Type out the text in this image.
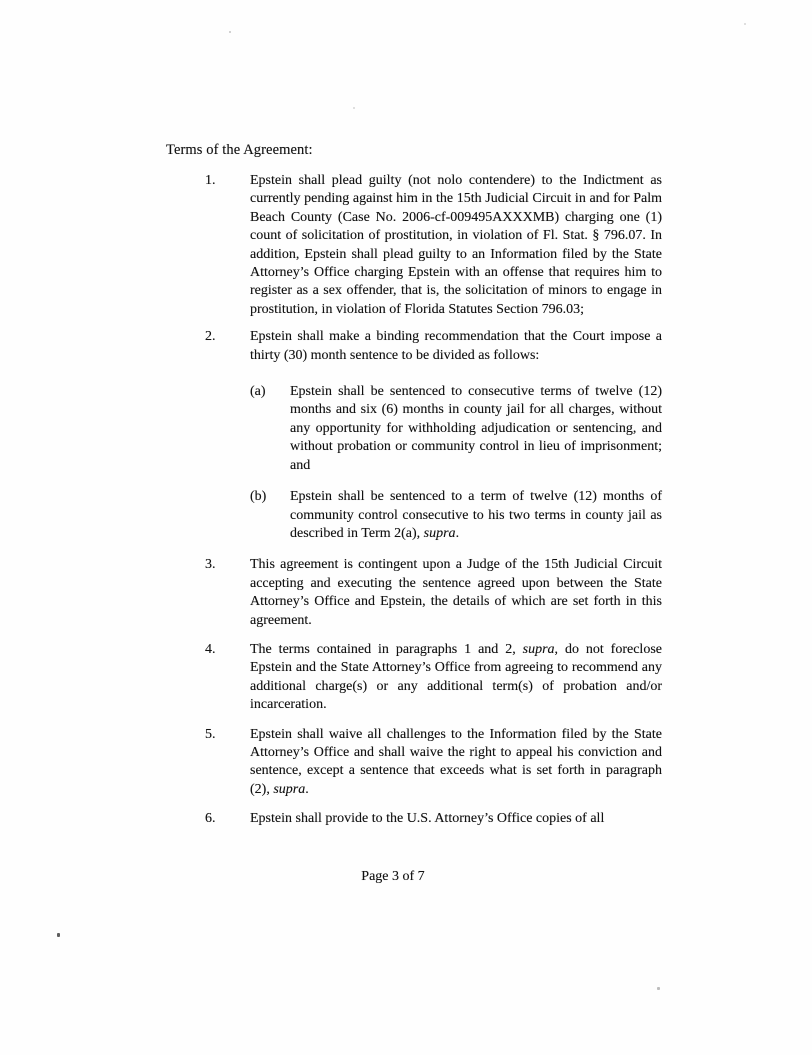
Terms of the Agreement:
1.	Epstein shall plead guilty (not nolo contendere) to the Indictment as currently pending against him in the 15th Judicial Circuit in and for Palm Beach County (Case No. 2006-cf-009495AXXXMB) charging one (1) count of solicitation of prostitution, in violation of Fl. Stat. § 796.07. In addition, Epstein shall plead guilty to an Information filed by the State Attorney’s Office charging Epstein with an offense that requires him to register as a sex offender, that is, the solicitation of minors to engage in prostitution, in violation of Florida Statutes Section 796.03;
2.	Epstein shall make a binding recommendation that the Court impose a thirty (30) month sentence to be divided as follows:
(a)	Epstein shall be sentenced to consecutive terms of twelve (12) months and six (6) months in county jail for all charges, without any opportunity for withholding adjudication or sentencing, and without probation or community control in lieu of imprisonment; and
(b)	Epstein shall be sentenced to a term of twelve (12) months of community control consecutive to his two terms in county jail as described in Term 2(a), supra.
3.	This agreement is contingent upon a Judge of the 15th Judicial Circuit accepting and executing the sentence agreed upon between the State Attorney’s Office and Epstein, the details of which are set forth in this agreement.
4.	The terms contained in paragraphs 1 and 2, supra, do not foreclose Epstein and the State Attorney’s Office from agreeing to recommend any additional charge(s) or any additional term(s) of probation and/or incarceration.
5.	Epstein shall waive all challenges to the Information filed by the State Attorney’s Office and shall waive the right to appeal his conviction and sentence, except a sentence that exceeds what is set forth in paragraph (2), supra.
6.	Epstein shall provide to the U.S. Attorney’s Office copies of all
Page 3 of 7
